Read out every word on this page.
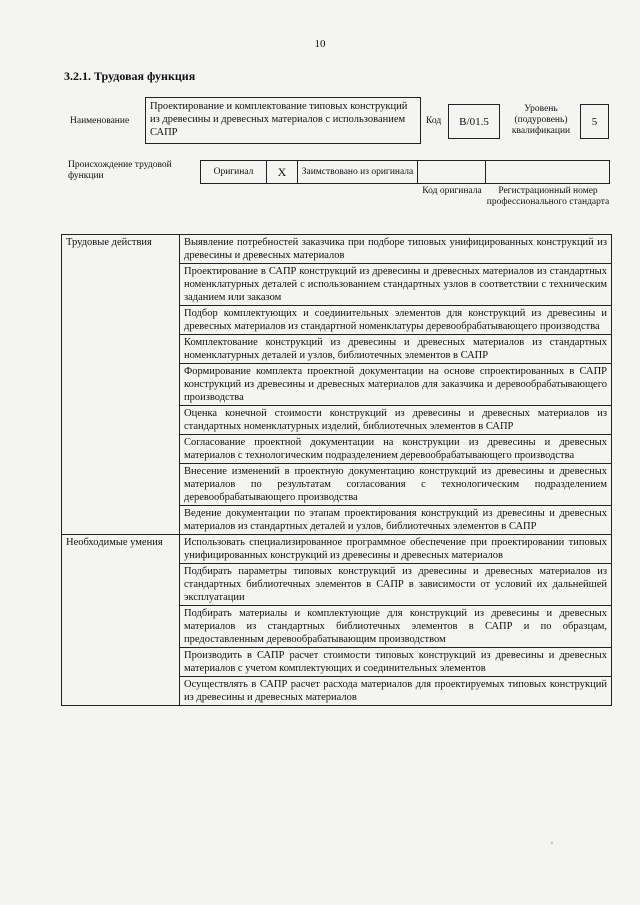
10
3.2.1. Трудовая функция
Наименование
Проектирование и комплектование типовых конструкций из древесины и древесных материалов с использованием САПР
Код B/01.5
Уровень (подуровень) квалификации
5
Происхождение трудовой функции	Оригинал X Заимствовано из оригинала
Код оригинала	Регистрационный номер профессионального стандарта
Трудовые действия	Выявление потребностей заказчика при подборе типовых унифицированных конструкций из древесины и древесных материалов
	Проектирование в САПР конструкций из древесины и древесных материалов из стандартных номенклатурных деталей с использованием стандартных узлов в соответствии с техническим заданием или заказом
	Подбор комплектующих и соединительных элементов для конструкций из древесины и древесных материалов из стандартной номенклатуры деревообрабатывающего производства
	Комплектование конструкций из древесины и древесных материалов из стандартных номенклатурных деталей и узлов, библиотечных элементов в САПР
	Формирование комплекта проектной документации на основе спроектированных в САПР конструкций из древесины и древесных материалов для заказчика и деревообрабатывающего производства
	Оценка конечной стоимости конструкций из древесины и древесных материалов из стандартных номенклатурных изделий, библиотечных элементов в САПР
	Согласование проектной документации на конструкции из древесины и древесных материалов с технологическим подразделением деревообрабатывающего производства
	Внесение изменений в проектную документацию конструкций из древесины и древесных материалов по результатам согласования с технологическим подразделением деревообрабатывающего производства
	Ведение документации по этапам проектирования конструкций из древесины и древесных материалов из стандартных деталей и узлов, библиотечных элементов в САПР
Необходимые умения	Использовать специализированное программное обеспечение при проектировании типовых унифицированных конструкций из древесины и древесных материалов
	Подбирать параметры типовых конструкций из древесины и древесных материалов из стандартных библиотечных элементов в САПР в зависимости от условий их дальнейшей эксплуатации
	Подбирать материалы и комплектующие для конструкций из древесины и древесных материалов из стандартных библиотечных элементов в САПР и по образцам, предоставленным деревообрабатывающим производством
	Производить в САПР расчет стоимости типовых конструкций из древесины и древесных материалов с учетом комплектующих и соединительных элементов
	Осуществлять в САПР расчет расхода материалов для проектируемых типовых конструкций из древесины и древесных материалов
,
